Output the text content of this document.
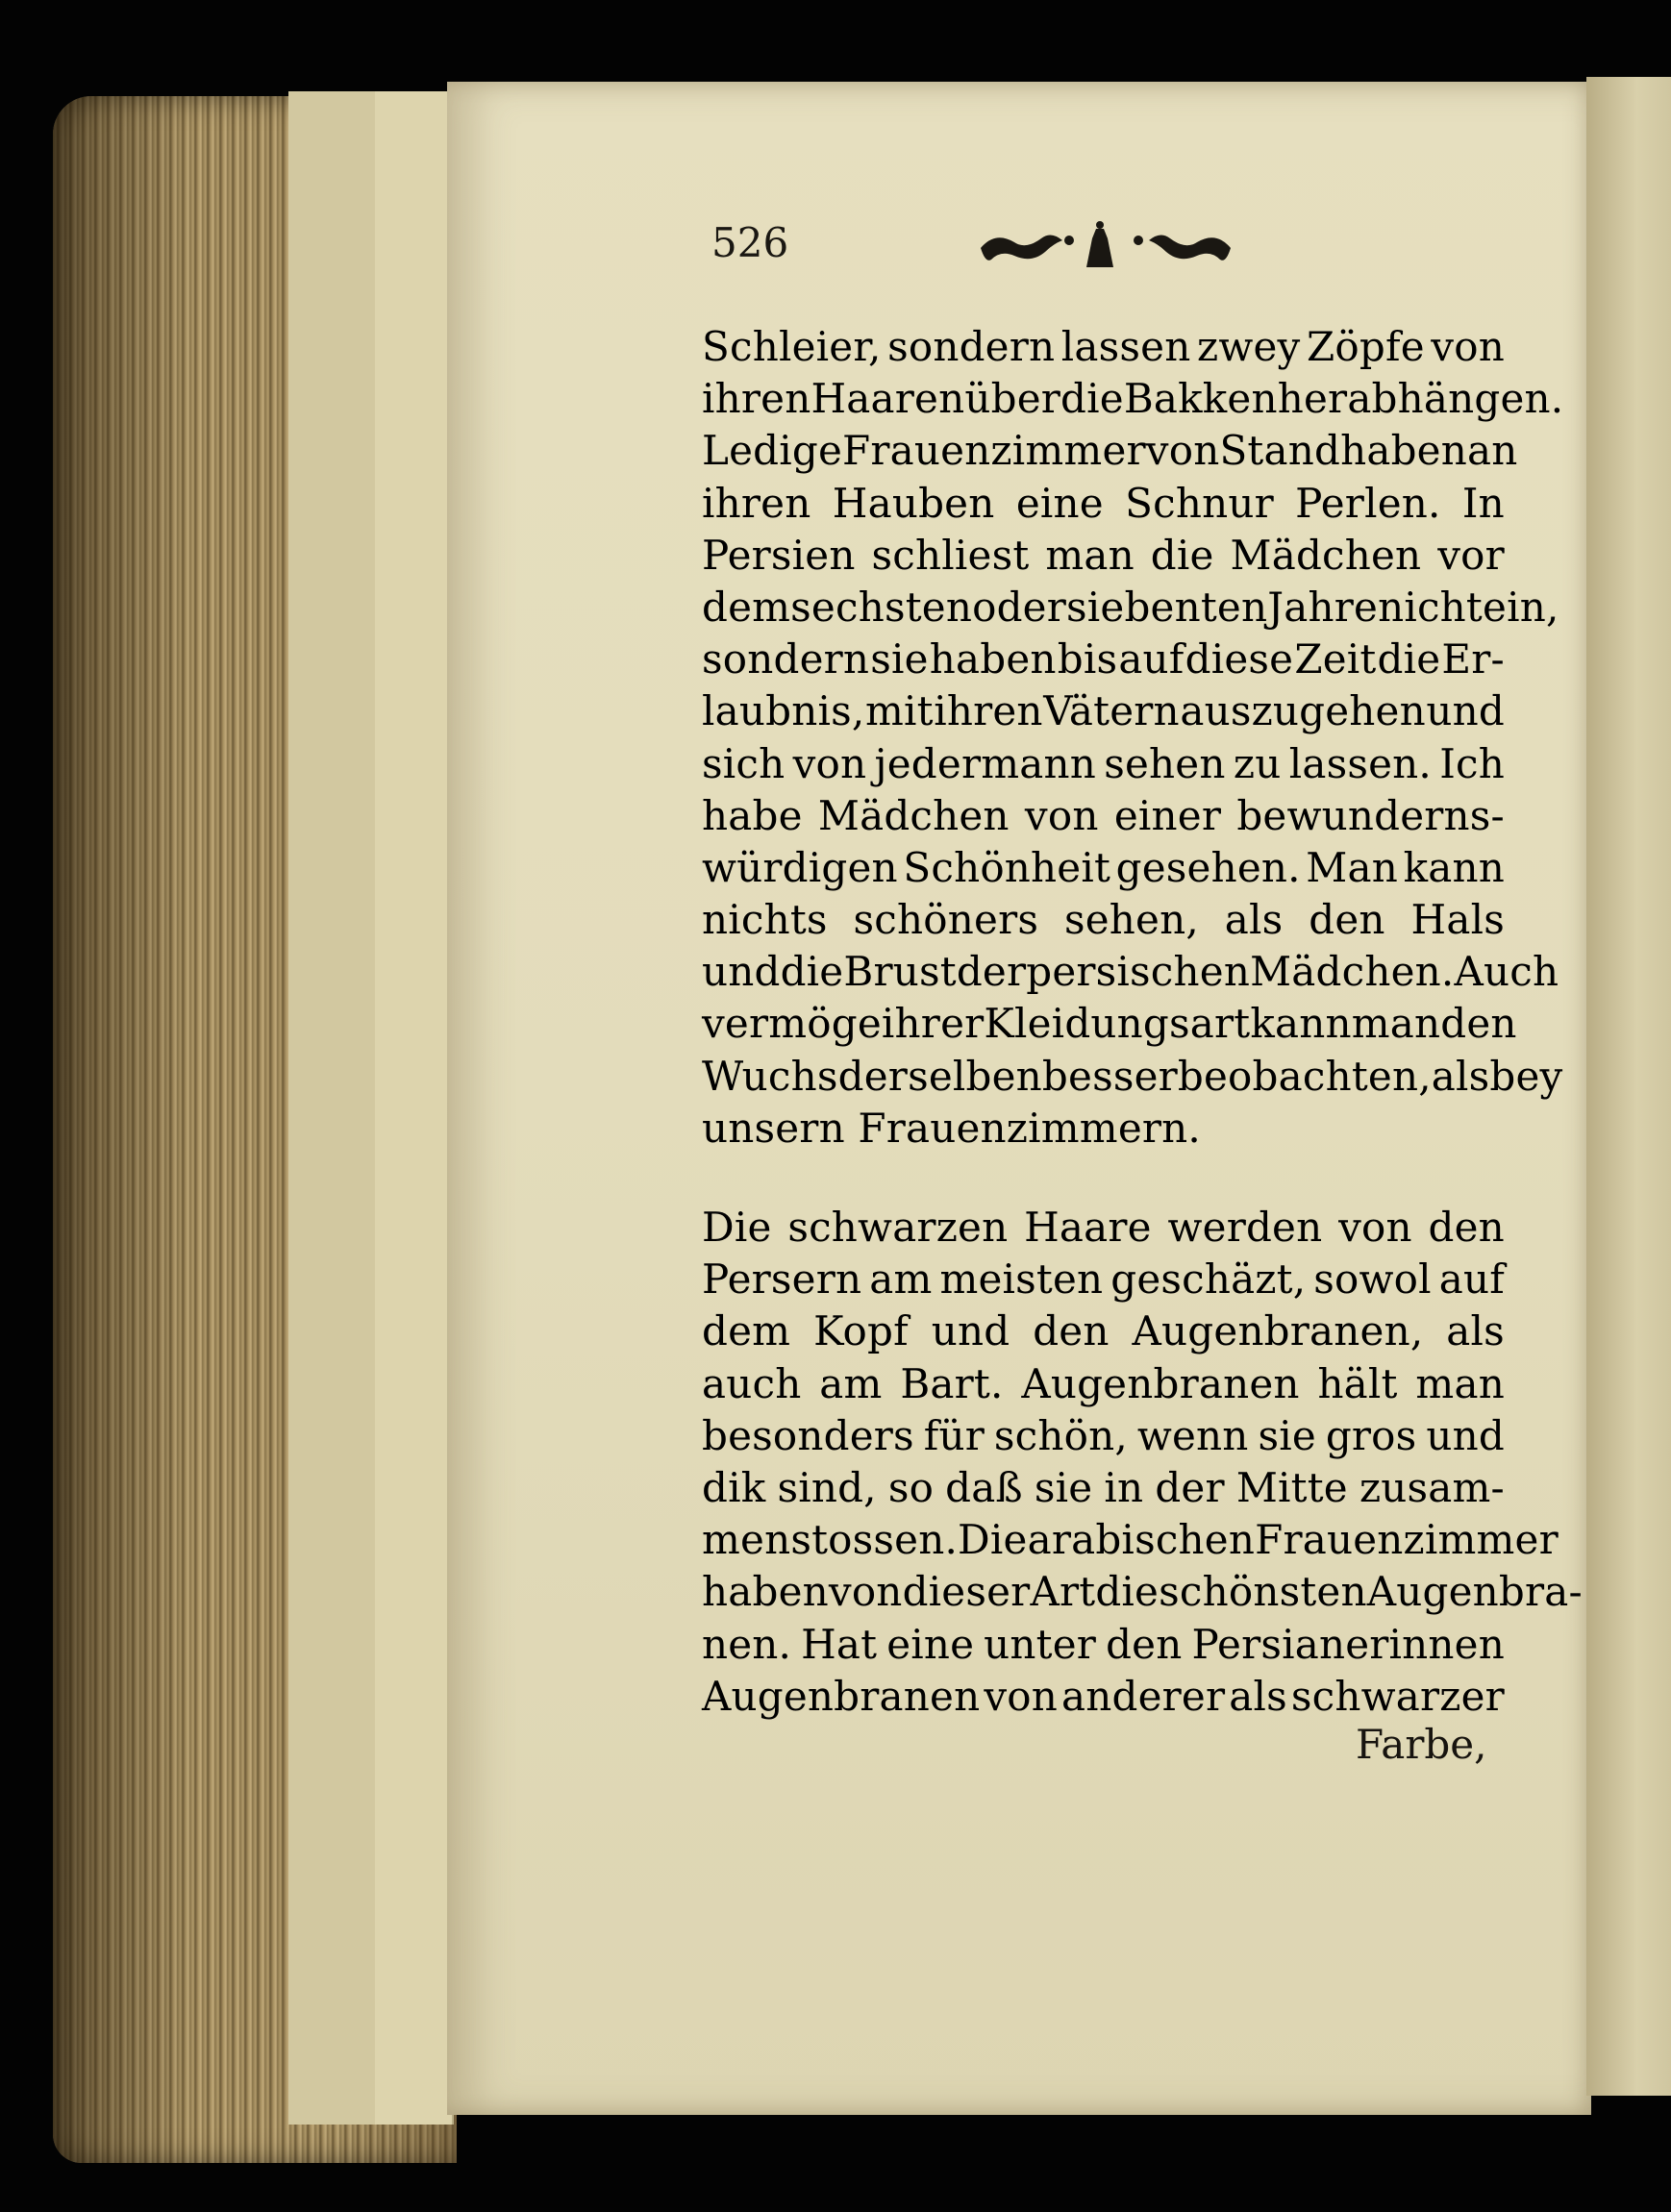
526
Schleier, sondern lassen zwey Zöpfe von
ihren Haaren über die Bakken herabhängen.
Ledige Frauenzimmer von Stand haben an
ihren Hauben eine Schnur Perlen. In
Persien schliest man die Mädchen vor
dem sechsten oder siebenten Jahre nicht ein,
sondern sie haben bis auf diese Zeit die Er-
laubnis, mit ihren Vätern auszugehen und
sich von jedermann sehen zu lassen. Ich
habe Mädchen von einer bewunderns-
würdigen Schönheit gesehen. Man kann
nichts schöners sehen, als den Hals
und die Brust der persischen Mädchen. Auch
vermöge ihrer Kleidungsart kann man den
Wuchs derselben besser beobachten, als bey
unsern Frauenzimmern.
Die schwarzen Haare werden von den
Persern am meisten geschäzt, sowol auf
dem Kopf und den Augenbranen, als
auch am Bart. Augenbranen hält man
besonders für schön, wenn sie gros und
dik sind, so daß sie in der Mitte zusam-
men stossen. Die arabischen Frauenzimmer
haben von dieser Art die schönsten Augenbra-
nen. Hat eine unter den Persianerinnen
Augenbranen von anderer als schwarzer
Farbe,
